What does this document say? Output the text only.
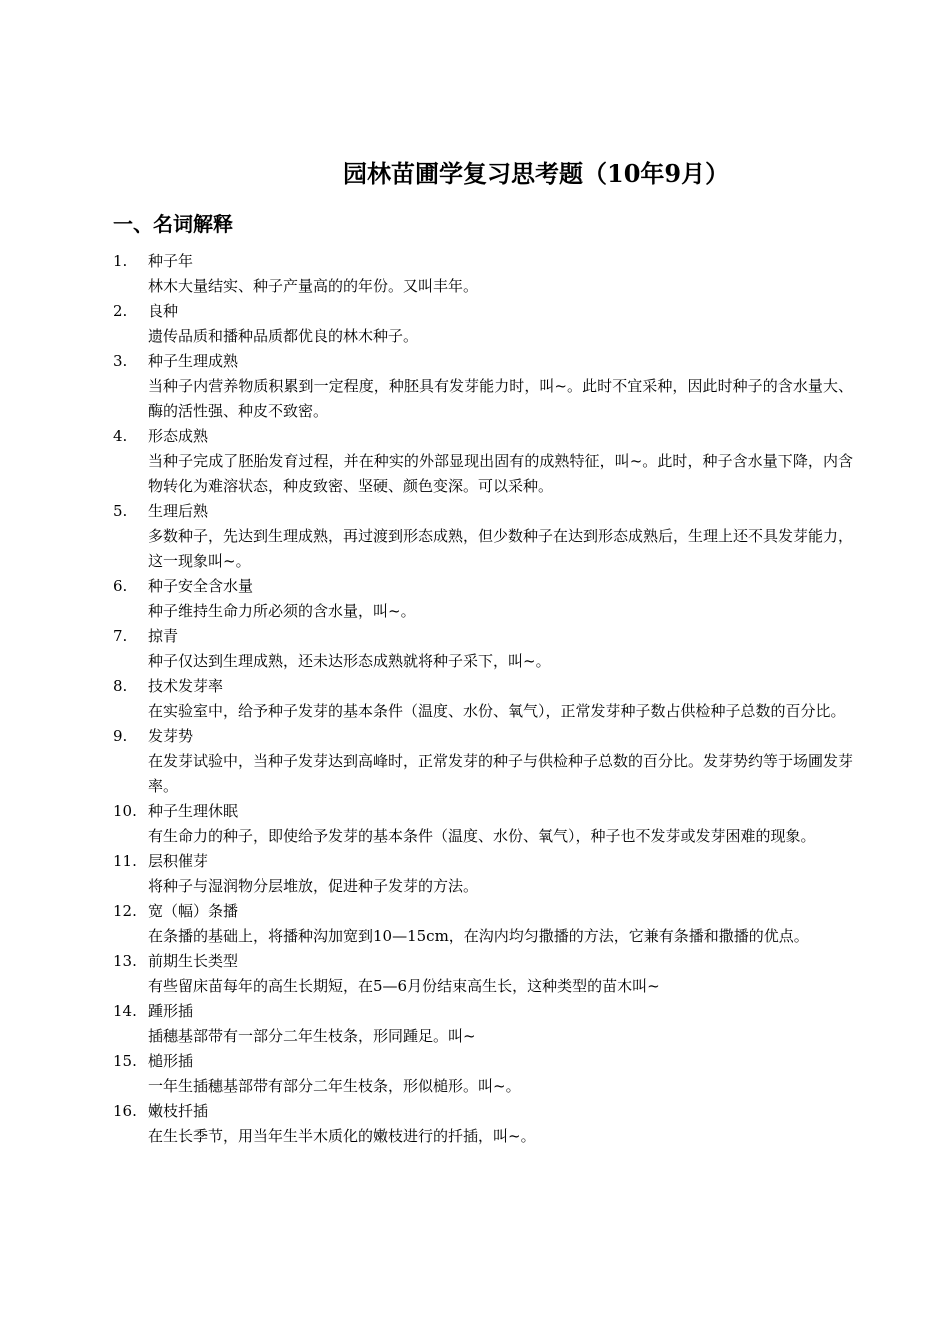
园林苗圃学复习思考题（10年9月）
一、名词解释
1. 种子年
林木大量结实、种子产量高的的年份。又叫丰年。
2. 良种
遗传品质和播种品质都优良的林木种子。
3. 种子生理成熟
当种子内营养物质积累到一定程度，种胚具有发芽能力时，叫~。此时不宜采种，因此时种子的含水量大、酶的活性强、种皮不致密。
4. 形态成熟
当种子完成了胚胎发育过程，并在种实的外部显现出固有的成熟特征，叫~。此时，种子含水量下降，内含物转化为难溶状态，种皮致密、坚硬、颜色变深。可以采种。
5. 生理后熟
多数种子，先达到生理成熟，再过渡到形态成熟，但少数种子在达到形态成熟后，生理上还不具发芽能力，这一现象叫~。
6. 种子安全含水量
种子维持生命力所必须的含水量，叫~。
7. 掠青
种子仅达到生理成熟，还未达形态成熟就将种子采下，叫~。
8. 技术发芽率
在实验室中，给予种子发芽的基本条件（温度、水份、氧气），正常发芽种子数占供检种子总数的百分比。
9. 发芽势
在发芽试验中，当种子发芽达到高峰时，正常发芽的种子与供检种子总数的百分比。发芽势约等于场圃发芽率。
10. 种子生理休眠
有生命力的种子，即使给予发芽的基本条件（温度、水份、氧气），种子也不发芽或发芽困难的现象。
11. 层积催芽
将种子与湿润物分层堆放，促进种子发芽的方法。
12. 宽（幅）条播
在条播的基础上，将播种沟加宽到10—15cm，在沟内均匀撒播的方法，它兼有条播和撒播的优点。
13. 前期生长类型
有些留床苗每年的高生长期短，在5—6月份结束高生长，这种类型的苗木叫~
14. 踵形插
插穗基部带有一部分二年生枝条，形同踵足。叫~
15. 槌形插
一年生插穗基部带有部分二年生枝条，形似槌形。叫~。
16. 嫩枝扦插
在生长季节，用当年生半木质化的嫩枝进行的扦插，叫~。
